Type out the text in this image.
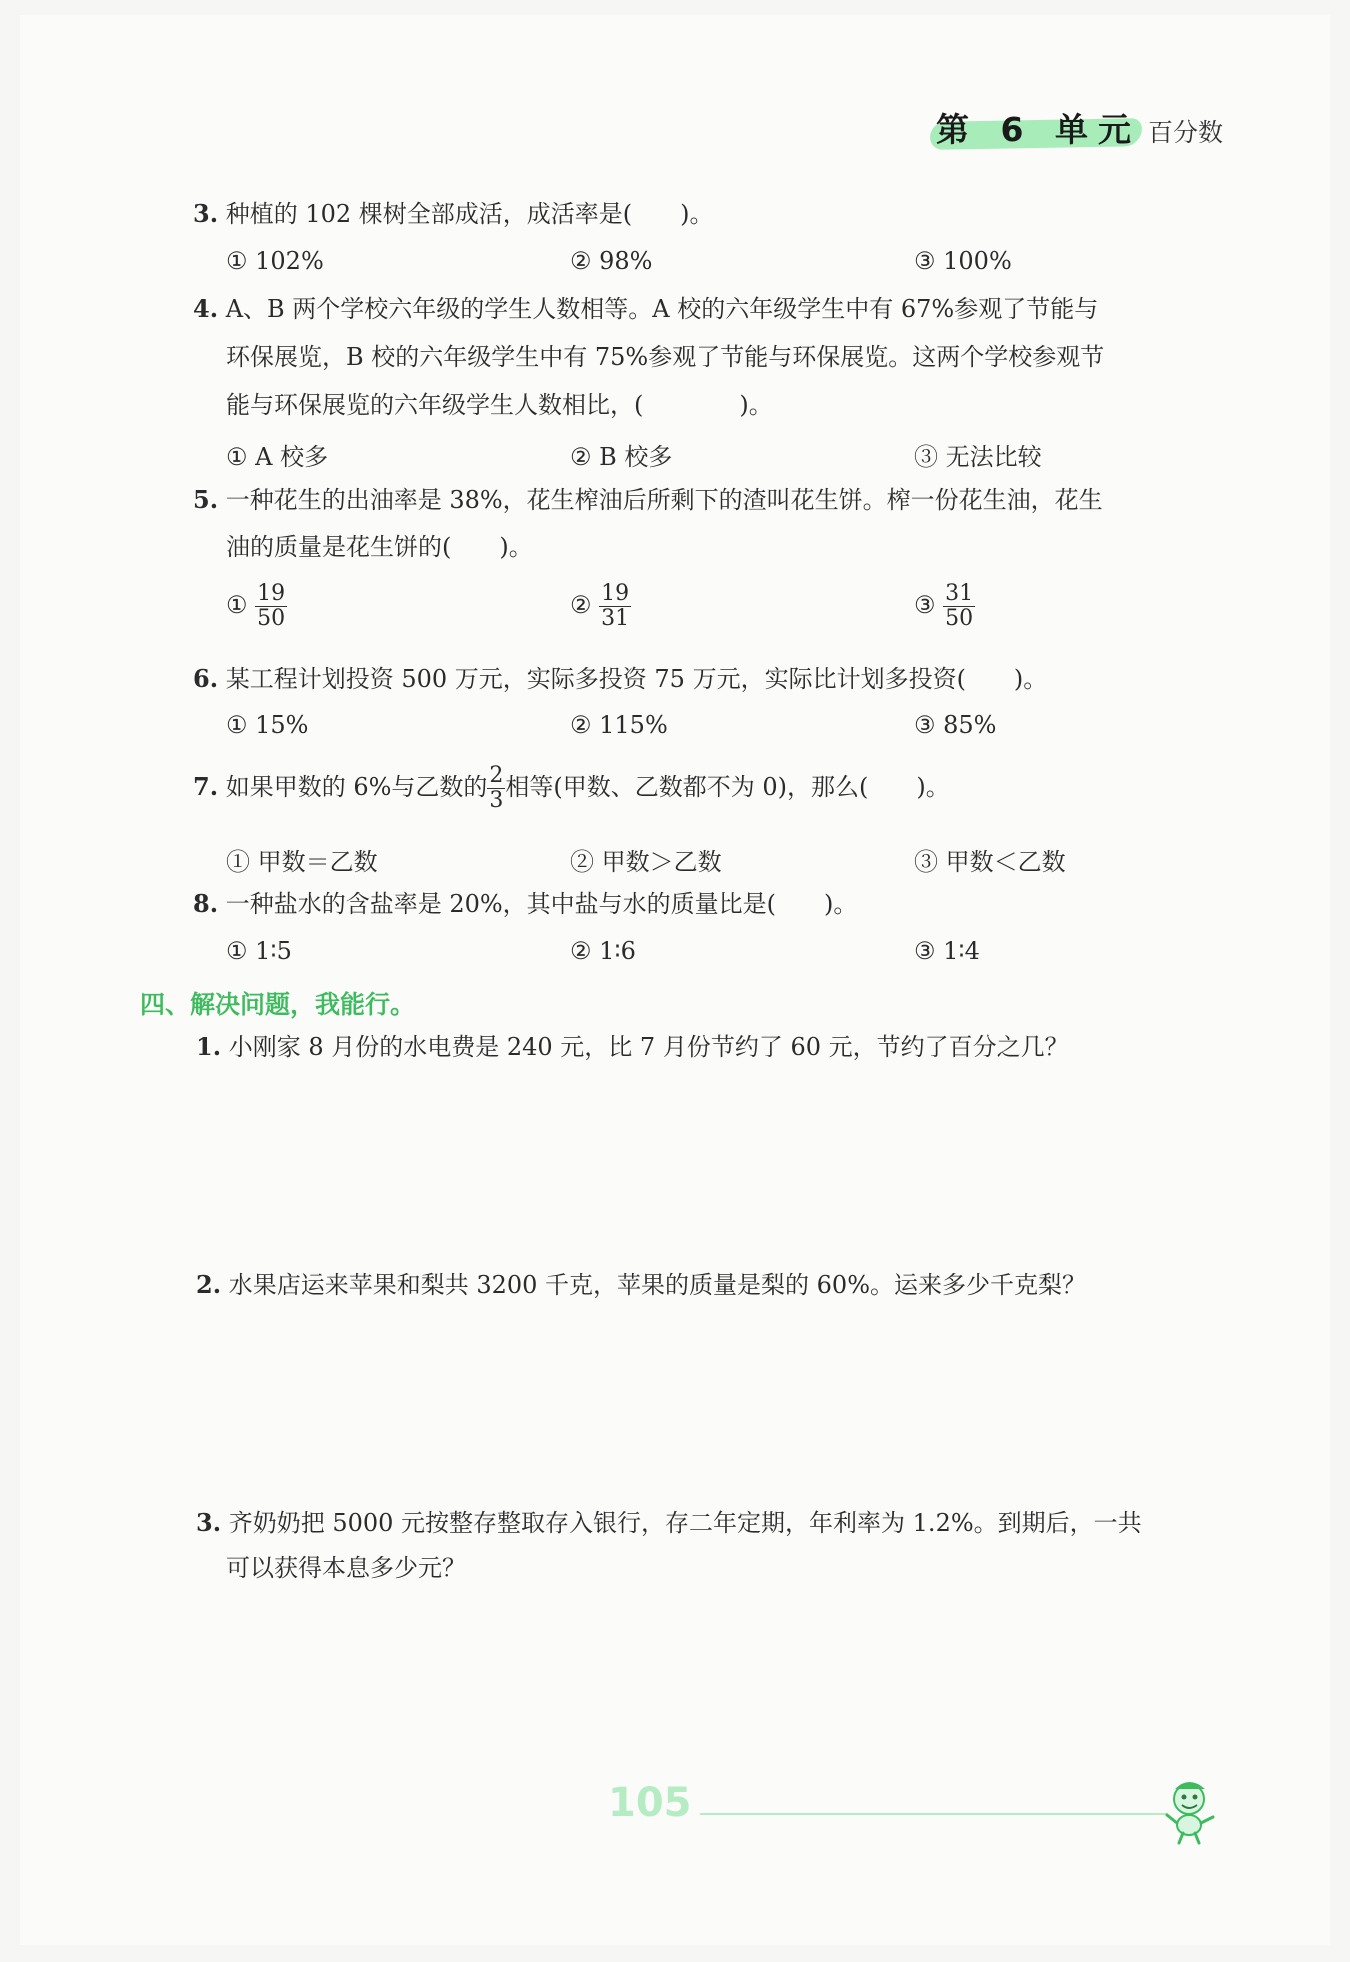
第 6 单元 百分数
3. 种植的 102 棵树全部成活，成活率是(　　)。
① 102%	② 98%	③ 100%
4. A、B 两个学校六年级的学生人数相等。A 校的六年级学生中有 67%参观了节能与
环保展览，B 校的六年级学生中有 75%参观了节能与环保展览。这两个学校参观节
能与环保展览的六年级学生人数相比，(　　　　)。
① A 校多	② B 校多	③ 无法比较
5. 一种花生的出油率是 38%，花生榨油后所剩下的渣叫花生饼。榨一份花生油，花生
油的质量是花生饼的(　　)。
① $\frac{19}{50}$	② $\frac{19}{31}$	③ $\frac{31}{50}$
6. 某工程计划投资 500 万元，实际多投资 75 万元，实际比计划多投资(　　)。
① 15%	② 115%	③ 85%
7. 如果甲数的 6%与乙数的 $\frac{2}{3}$ 相等(甲数、乙数都不为 0)，那么(　　)。
① 甲数＝乙数	② 甲数＞乙数	③ 甲数＜乙数
8. 一种盐水的含盐率是 20%，其中盐与水的质量比是(　　)。
① 1∶5	② 1∶6	③ 1∶4
四、解决问题，我能行。
1. 小刚家 8 月份的水电费是 240 元，比 7 月份节约了 60 元，节约了百分之几？
2. 水果店运来苹果和梨共 3200 千克，苹果的质量是梨的 60%。运来多少千克梨？
3. 齐奶奶把 5000 元按整存整取存入银行，存二年定期，年利率为 1.2%。到期后，一共
可以获得本息多少元？
105
